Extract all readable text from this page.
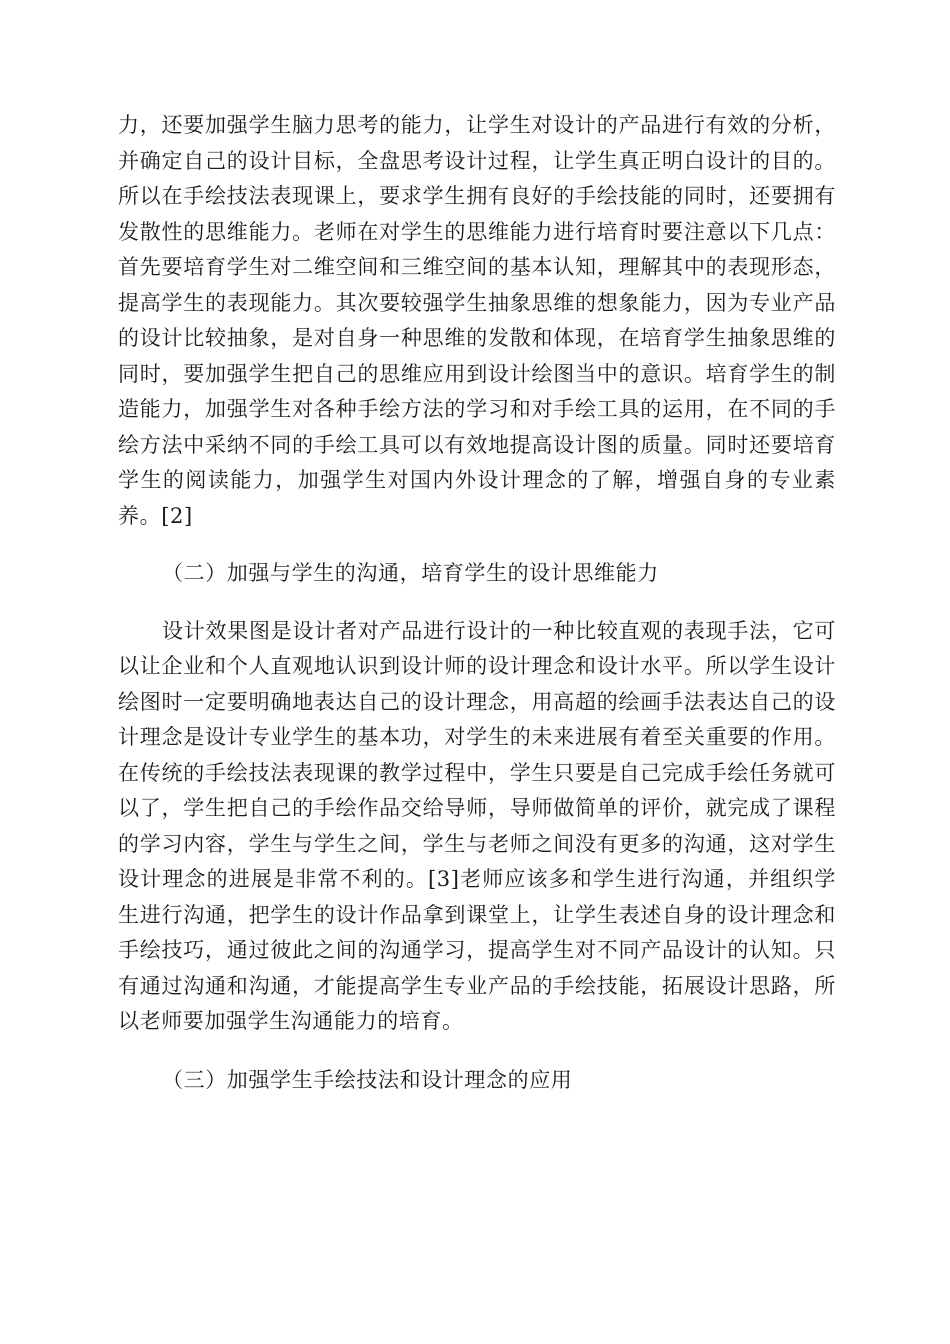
力，还要加强学生脑力思考的能力，让学生对设计的产品进行有效的分析，并确定自己的设计目标，全盘思考设计过程，让学生真正明白设计的目的。所以在手绘技法表现课上，要求学生拥有良好的手绘技能的同时，还要拥有发散性的思维能力。老师在对学生的思维能力进行培育时要注意以下几点：首先要培育学生对二维空间和三维空间的基本认知，理解其中的表现形态，提高学生的表现能力。其次要较强学生抽象思维的想象能力，因为专业产品的设计比较抽象，是对自身一种思维的发散和体现，在培育学生抽象思维的同时，要加强学生把自己的思维应用到设计绘图当中的意识。培育学生的制造能力，加强学生对各种手绘方法的学习和对手绘工具的运用，在不同的手绘方法中采纳不同的手绘工具可以有效地提高设计图的质量。同时还要培育学生的阅读能力，加强学生对国内外设计理念的了解，增强自身的专业素养。[2]

（二）加强与学生的沟通，培育学生的设计思维能力

设计效果图是设计者对产品进行设计的一种比较直观的表现手法，它可以让企业和个人直观地认识到设计师的设计理念和设计水平。所以学生设计绘图时一定要明确地表达自己的设计理念，用高超的绘画手法表达自己的设计理念是设计专业学生的基本功，对学生的未来进展有着至关重要的作用。在传统的手绘技法表现课的教学过程中，学生只要是自己完成手绘任务就可以了，学生把自己的手绘作品交给导师，导师做简单的评价，就完成了课程的学习内容，学生与学生之间，学生与老师之间没有更多的沟通，这对学生设计理念的进展是非常不利的。[3]老师应该多和学生进行沟通，并组织学生进行沟通，把学生的设计作品拿到课堂上，让学生表述自身的设计理念和手绘技巧，通过彼此之间的沟通学习，提高学生对不同产品设计的认知。只有通过沟通和沟通，才能提高学生专业产品的手绘技能，拓展设计思路，所以老师要加强学生沟通能力的培育。

（三）加强学生手绘技法和设计理念的应用
